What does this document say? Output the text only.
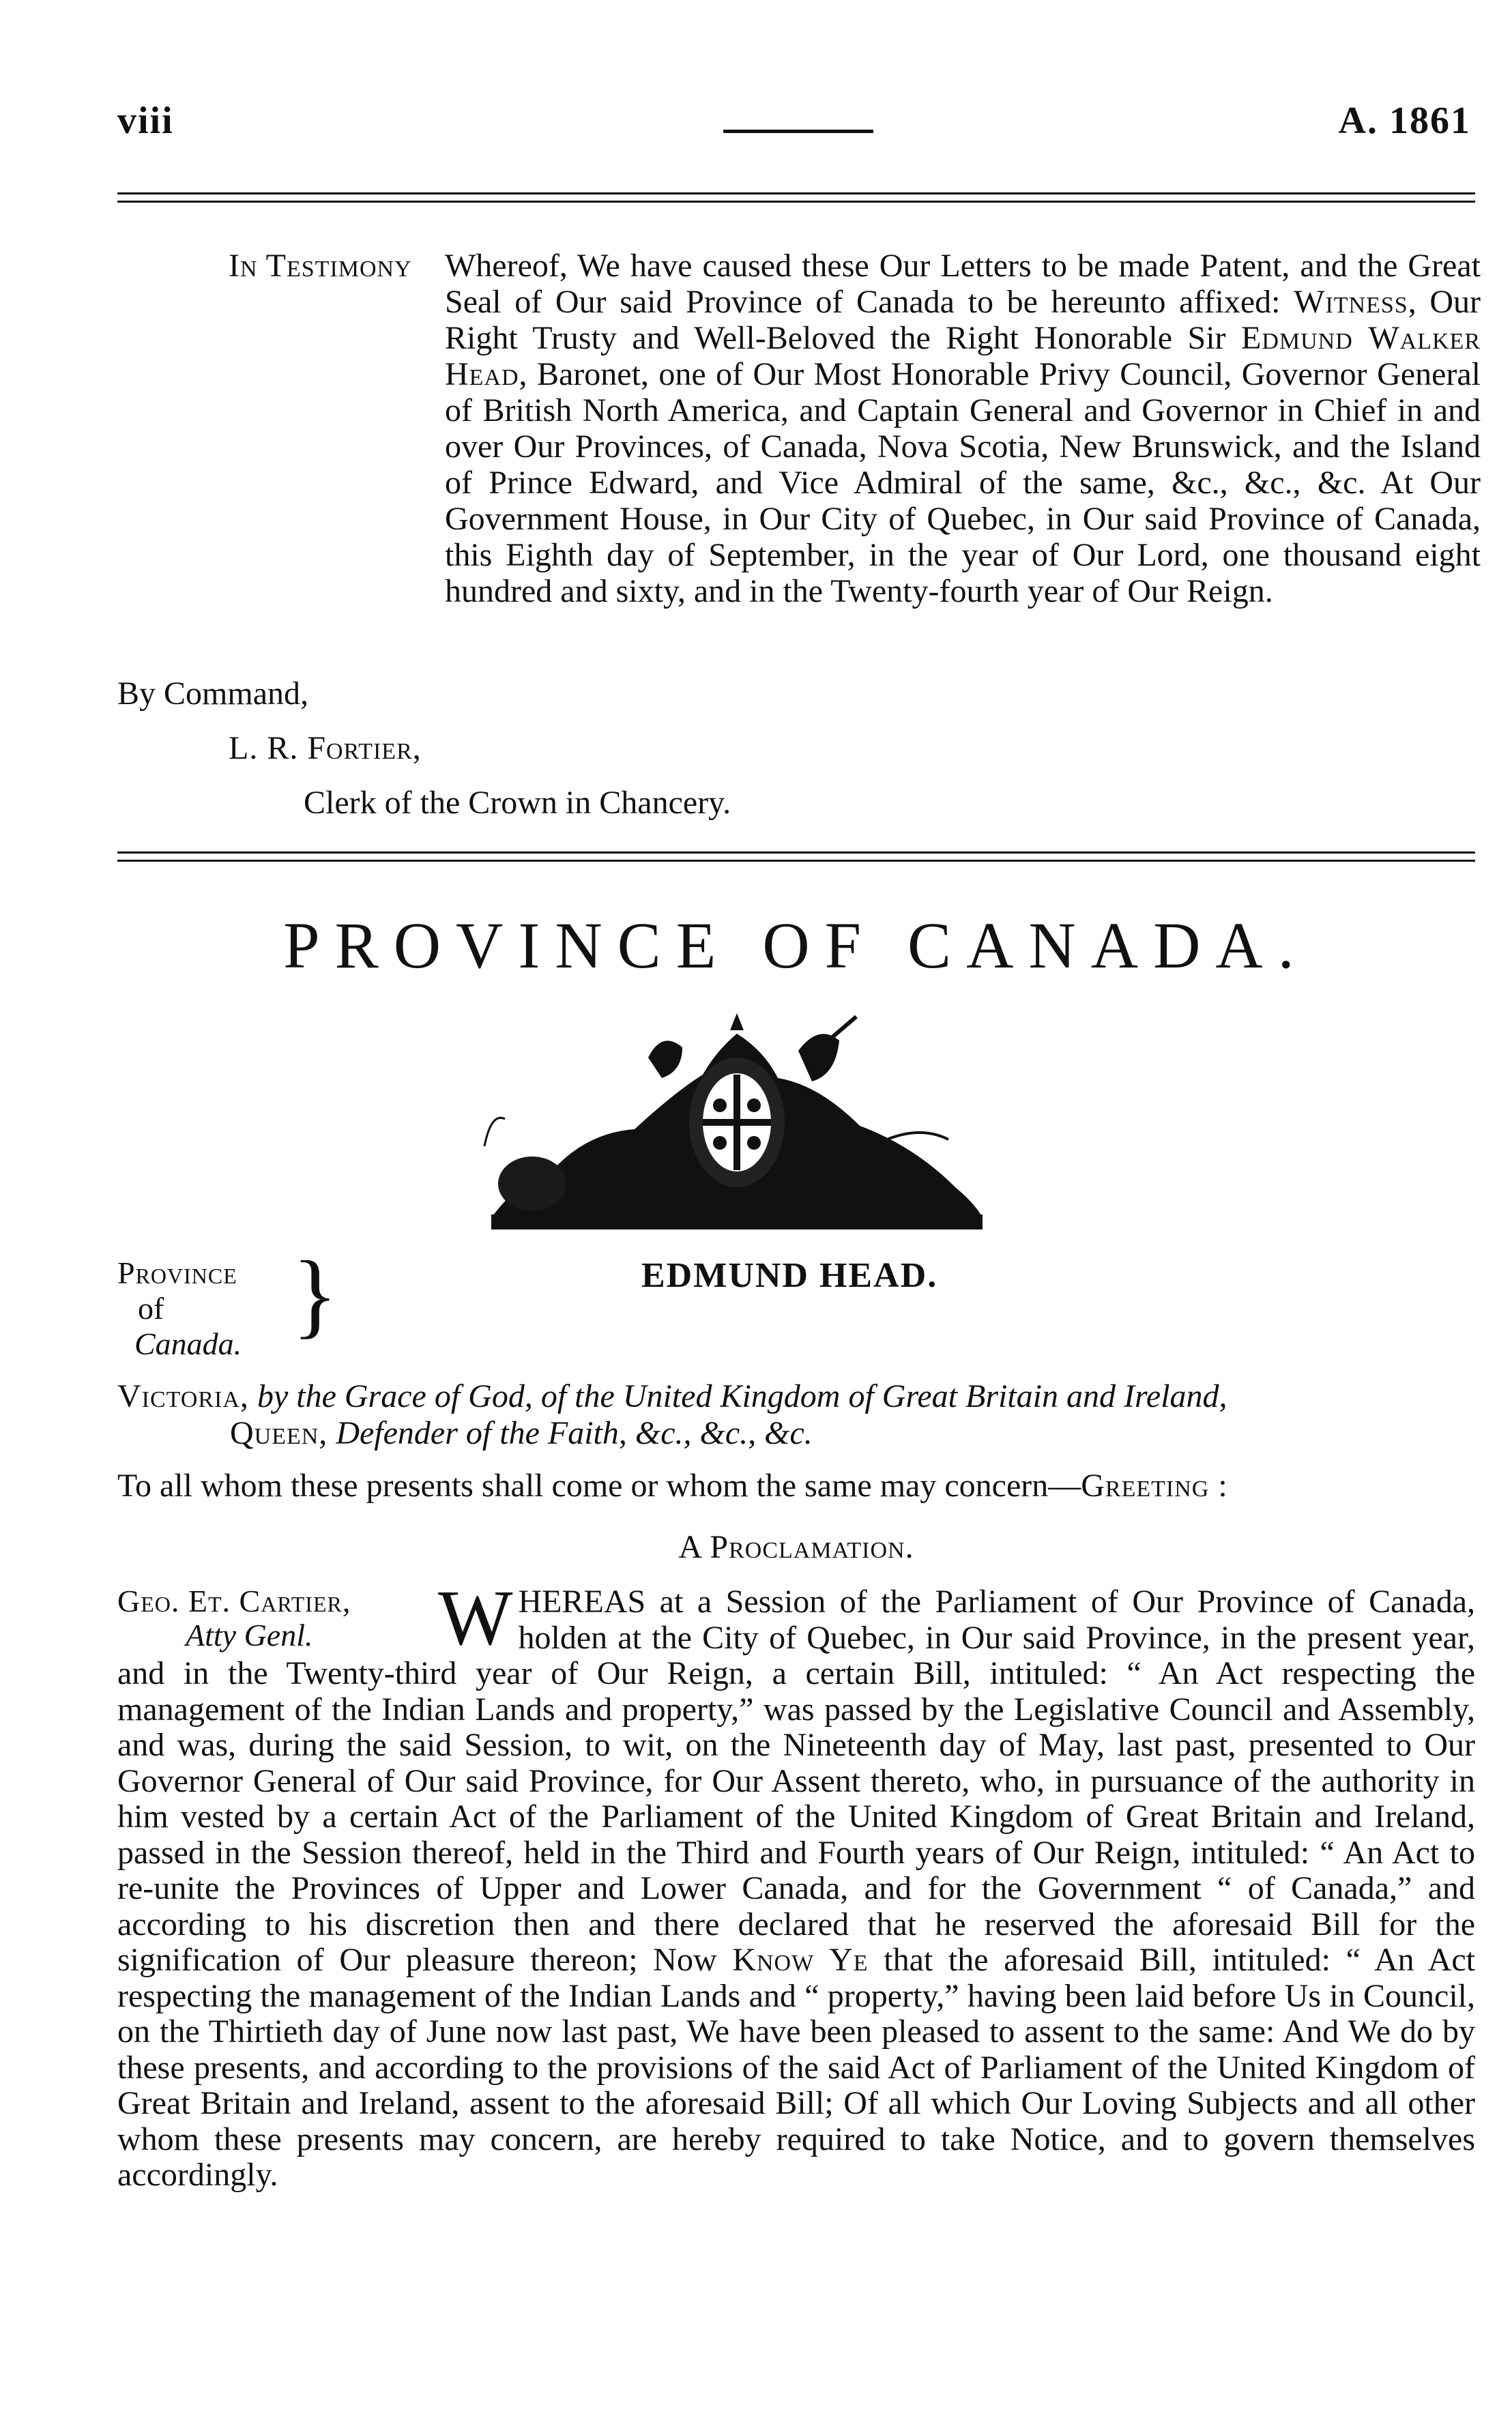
viii	A. 1861
In Testimony Whereof, We have caused these Our Letters to be made Patent, and the Great Seal of Our said Province of Canada to be hereunto affixed: Witness, Our Right Trusty and Well-Beloved the Right Honorable Sir Edmund Walker Head, Baronet, one of Our Most Honorable Privy Council, Governor General of British North America, and Captain General and Governor in Chief in and over Our Provinces, of Canada, Nova Scotia, New Brunswick, and the Island of Prince Edward, and Vice Admiral of the same, &c., &c., &c. At Our Government House, in Our City of Quebec, in Our said Province of Canada, this Eighth day of September, in the year of Our Lord, one thousand eight hundred and sixty, and in the Twenty-fourth year of Our Reign.
By Command,
L. R. Fortier,
Clerk of the Crown in Chancery.
PROVINCE OF CANADA.
Province
of
Canada. }	EDMUND HEAD.
Victoria, by the Grace of God, of the United Kingdom of Great Britain and Ireland,
Queen, Defender of the Faith, &c., &c., &c.
To all whom these presents shall come or whom the same may concern—Greeting :
A Proclamation.
Geo. Et. Cartier,
Atty Genl.	W HEREAS at a Session of the Parliament of Our Province of Canada, holden at the City of Quebec, in Our said Province, in the present year, and in the Twenty-third year of Our Reign, a certain Bill, intituled: “ An Act respecting the management of the Indian Lands and property,” was passed by the Legislative Council and Assembly, and was, during the said Session, to wit, on the Nineteenth day of May, last past, presented to Our Governor General of Our said Province, for Our Assent thereto, who, in pursuance of the authority in him vested by a certain Act of the Parliament of the United Kingdom of Great Britain and Ireland, passed in the Session thereof, held in the Third and Fourth years of Our Reign, intituled: “ An Act to re-unite the Provinces of Upper and Lower Canada, and for the Government “ of Canada,” and according to his discretion then and there declared that he reserved the aforesaid Bill for the signification of Our pleasure thereon; Now Know Ye that the aforesaid Bill, intituled: “ An Act respecting the management of the Indian Lands and “ property,” having been laid before Us in Council, on the Thirtieth day of June now last past, We have been pleased to assent to the same: And We do by these presents, and according to the provisions of the said Act of Parliament of the United Kingdom of Great Britain and Ireland, assent to the aforesaid Bill; Of all which Our Loving Subjects and all other whom these presents may concern, are hereby required to take Notice, and to govern themselves accordingly.
